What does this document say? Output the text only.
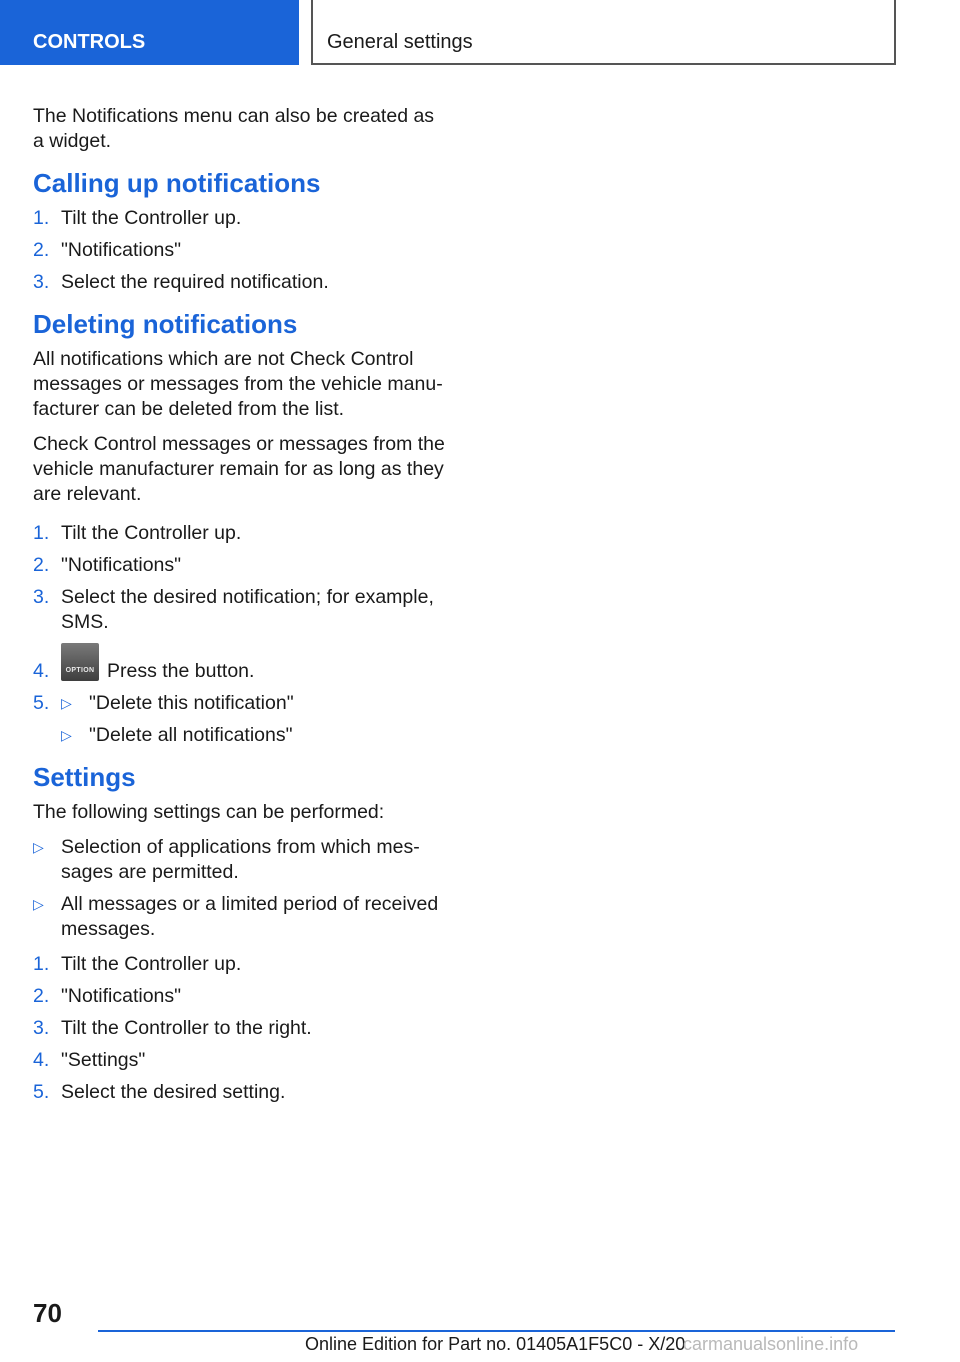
CONTROLS	General settings

The Notifications menu can also be created as a widget.

Calling up notifications
1. Tilt the Controller up.
2. "Notifications"
3. Select the required notification.
Deleting notifications

All notifications which are not Check Control messages or messages from the vehicle manufacturer can be deleted from the list.

Check Control messages or messages from the vehicle manufacturer remain for as long as they are relevant.

1. Tilt the Controller up.
2. "Notifications"
3. Select the desired notification; for example, SMS.
4.	OPTION Press the button.
5. ▷ "Delete this notification"
▷ "Delete all notifications"
Settings

The following settings can be performed:

▷ Selection of applications from which messages are permitted.
▷ All messages or a limited period of received messages.
1. Tilt the Controller up.
2. "Notifications"
3. Tilt the Controller to the right.
4. "Settings"
5. Select the desired setting.
70
Online Edition for Part no. 01405A1F5C0 - X/20
carmanualsonline.info
